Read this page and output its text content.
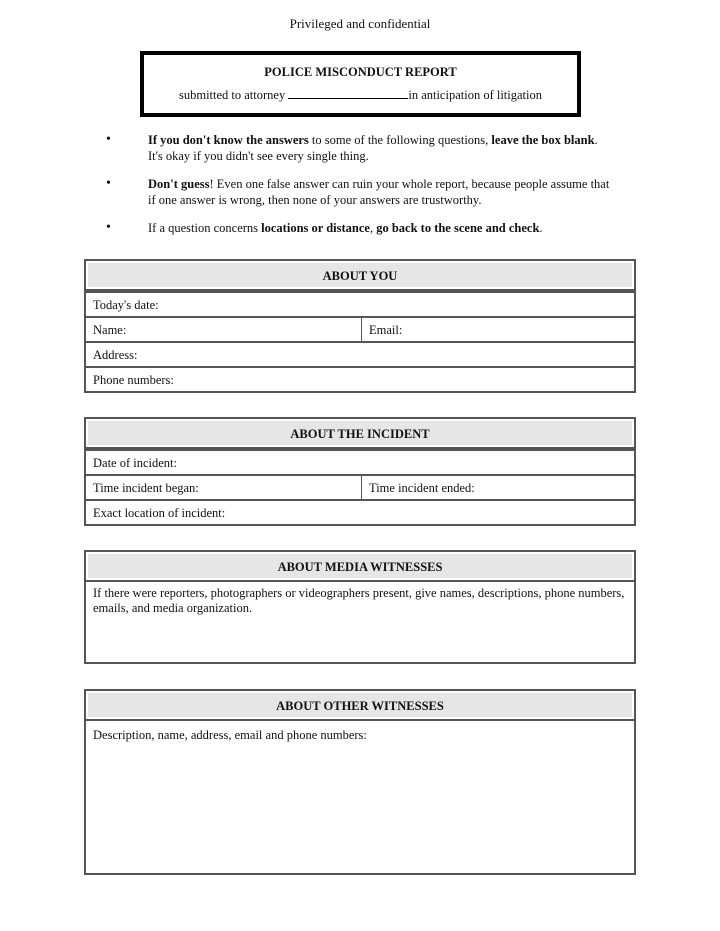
Privileged and confidential
POLICE MISCONDUCT REPORT
submitted to attorney	in anticipation of litigation
•	If you don't know the answers to some of the following questions, leave the box blank. It's okay if you didn't see every single thing.
•	Don't guess! Even one false answer can ruin your whole report, because people assume that if one answer is wrong, then none of your answers are trustworthy.
•	If a question concerns locations or distance, go back to the scene and check.
ABOUT YOU
Today's date:
Name:	Email:
Address:
Phone numbers:
ABOUT THE INCIDENT
Date of incident:
Time incident began:	Time incident ended:
Exact location of incident:
ABOUT MEDIA WITNESSES
If there were reporters, photographers or videographers present, give names, descriptions, phone numbers, emails, and media organization.
ABOUT OTHER WITNESSES
Description, name, address, email and phone numbers:
